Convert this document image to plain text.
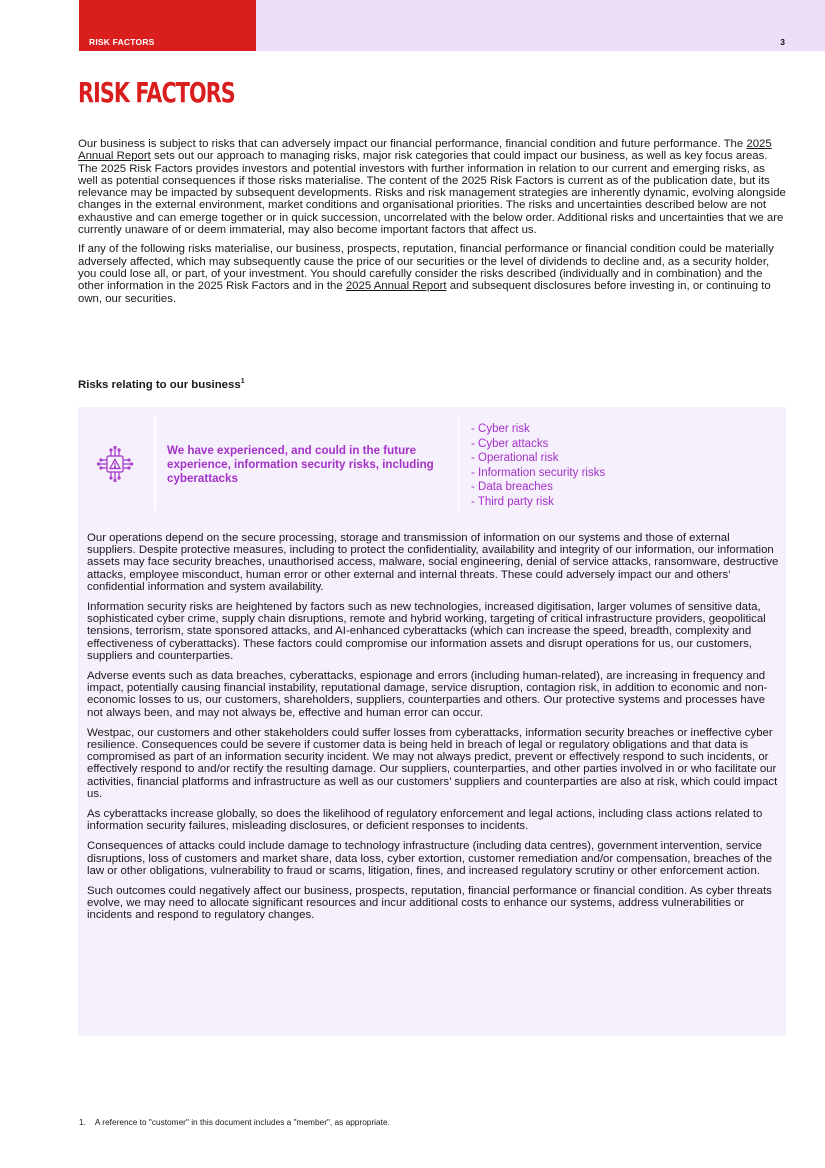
RISK FACTORS	3
RISK FACTORS

Our business is subject to risks that can adversely impact our financial performance, financial condition and future performance. The 2025 Annual Report sets out our approach to managing risks, major risk categories that could impact our business, as well as key focus areas. The 2025 Risk Factors provides investors and potential investors with further information in relation to our current and emerging risks, as well as potential consequences if those risks materialise. The content of the 2025 Risk Factors is current as of the publication date, but its relevance may be impacted by subsequent developments. Risks and risk management strategies are inherently dynamic, evolving alongside changes in the external environment, market conditions and organisational priorities. The risks and uncertainties described below are not exhaustive and can emerge together or in quick succession, uncorrelated with the below order. Additional risks and uncertainties that we are currently unaware of or deem immaterial, may also become important factors that affect us.

If any of the following risks materialise, our business, prospects, reputation, financial performance or financial condition could be materially adversely affected, which may subsequently cause the price of our securities or the level of dividends to decline and, as a security holder, you could lose all, or part, of your investment. You should carefully consider the risks described (individually and in combination) and the other information in the 2025 Risk Factors and in the 2025 Annual Report and subsequent disclosures before investing in, or continuing to own, our securities.

Risks relating to our business$^1$
We have experienced, and could in the future experience, information security risks, including cyberattacks
- Cyber risk
- Cyber attacks
- Operational risk
- Information security risks
- Data breaches
- Third party risk

Our operations depend on the secure processing, storage and transmission of information on our systems and those of external suppliers. Despite protective measures, including to protect the confidentiality, availability and integrity of our information, our information assets may face security breaches, unauthorised access, malware, social engineering, denial of service attacks, ransomware, destructive attacks, employee misconduct, human error or other external and internal threats. These could adversely impact our and others’ confidential information and system availability.

Information security risks are heightened by factors such as new technologies, increased digitisation, larger volumes of sensitive data, sophisticated cyber crime, supply chain disruptions, remote and hybrid working, targeting of critical infrastructure providers, geopolitical tensions, terrorism, state sponsored attacks, and AI-enhanced cyberattacks (which can increase the speed, breadth, complexity and effectiveness of cyberattacks). These factors could compromise our information assets and disrupt operations for us, our customers, suppliers and counterparties.

Adverse events such as data breaches, cyberattacks, espionage and errors (including human-related), are increasing in frequency and impact, potentially causing financial instability, reputational damage, service disruption, contagion risk, in addition to economic and non-economic losses to us, our customers, shareholders, suppliers, counterparties and others. Our protective systems and processes have not always been, and may not always be, effective and human error can occur.

Westpac, our customers and other stakeholders could suffer losses from cyberattacks, information security breaches or ineffective cyber resilience. Consequences could be severe if customer data is being held in breach of legal or regulatory obligations and that data is compromised as part of an information security incident. We may not always predict, prevent or effectively respond to such incidents, or effectively respond to and/or rectify the resulting damage. Our suppliers, counterparties, and other parties involved in or who facilitate our activities, financial platforms and infrastructure as well as our customers’ suppliers and counterparties are also at risk, which could impact us.

As cyberattacks increase globally, so does the likelihood of regulatory enforcement and legal actions, including class actions related to information security failures, misleading disclosures, or deficient responses to incidents.

Consequences of attacks could include damage to technology infrastructure (including data centres), government intervention, service disruptions, loss of customers and market share, data loss, cyber extortion, customer remediation and/or compensation, breaches of the law or other obligations, vulnerability to fraud or scams, litigation, fines, and increased regulatory scrutiny or other enforcement action.

Such outcomes could negatively affect our business, prospects, reputation, financial performance or financial condition. As cyber threats evolve, we may need to allocate significant resources and incur additional costs to enhance our systems, address vulnerabilities or incidents and respond to regulatory changes.

1. A reference to "customer" in this document includes a "member", as appropriate.
